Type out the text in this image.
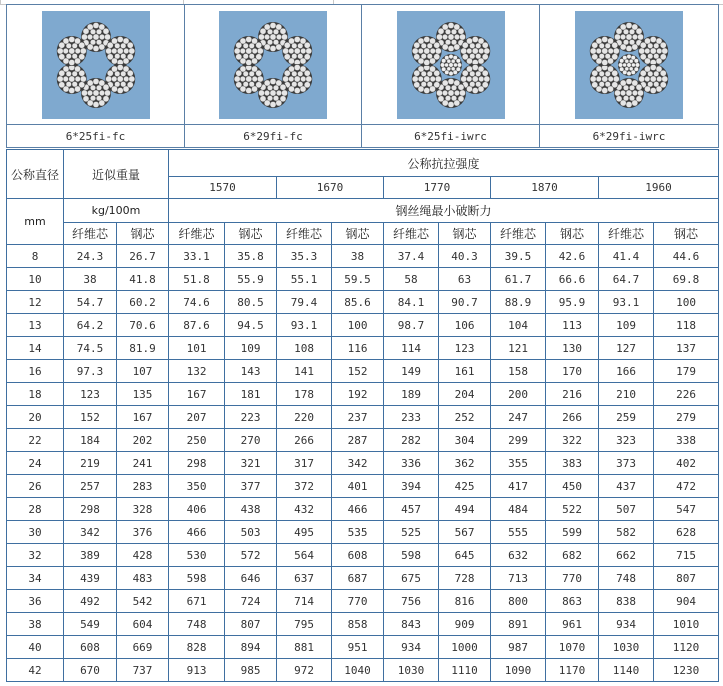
6*25fi-fc	6*29fi-fc	6*25fi-iwrc	6*29fi-iwrc
公称直径	近似重量		公称抗拉强度									
			1570		1670		1770		1870		1960	
mm	kg/100m		钢丝绳最小破断力									
	纤维芯	钢芯	纤维芯	钢芯	纤维芯	钢芯	纤维芯	钢芯	纤维芯	钢芯	纤维芯	钢芯
8	24.3	26.7	33.1	35.8	35.3	38	37.4	40.3	39.5	42.6	41.4	44.6
10	38	41.8	51.8	55.9	55.1	59.5	58	63	61.7	66.6	64.7	69.8
12	54.7	60.2	74.6	80.5	79.4	85.6	84.1	90.7	88.9	95.9	93.1	100
13	64.2	70.6	87.6	94.5	93.1	100	98.7	106	104	113	109	118
14	74.5	81.9	101	109	108	116	114	123	121	130	127	137
16	97.3	107	132	143	141	152	149	161	158	170	166	179
18	123	135	167	181	178	192	189	204	200	216	210	226
20	152	167	207	223	220	237	233	252	247	266	259	279
22	184	202	250	270	266	287	282	304	299	322	323	338
24	219	241	298	321	317	342	336	362	355	383	373	402
26	257	283	350	377	372	401	394	425	417	450	437	472
28	298	328	406	438	432	466	457	494	484	522	507	547
30	342	376	466	503	495	535	525	567	555	599	582	628
32	389	428	530	572	564	608	598	645	632	682	662	715
34	439	483	598	646	637	687	675	728	713	770	748	807
36	492	542	671	724	714	770	756	816	800	863	838	904
38	549	604	748	807	795	858	843	909	891	961	934	1010
40	608	669	828	894	881	951	934	1000	987	1070	1030	1120
42	670	737	913	985	972	1040	1030	1110	1090	1170	1140	1230
